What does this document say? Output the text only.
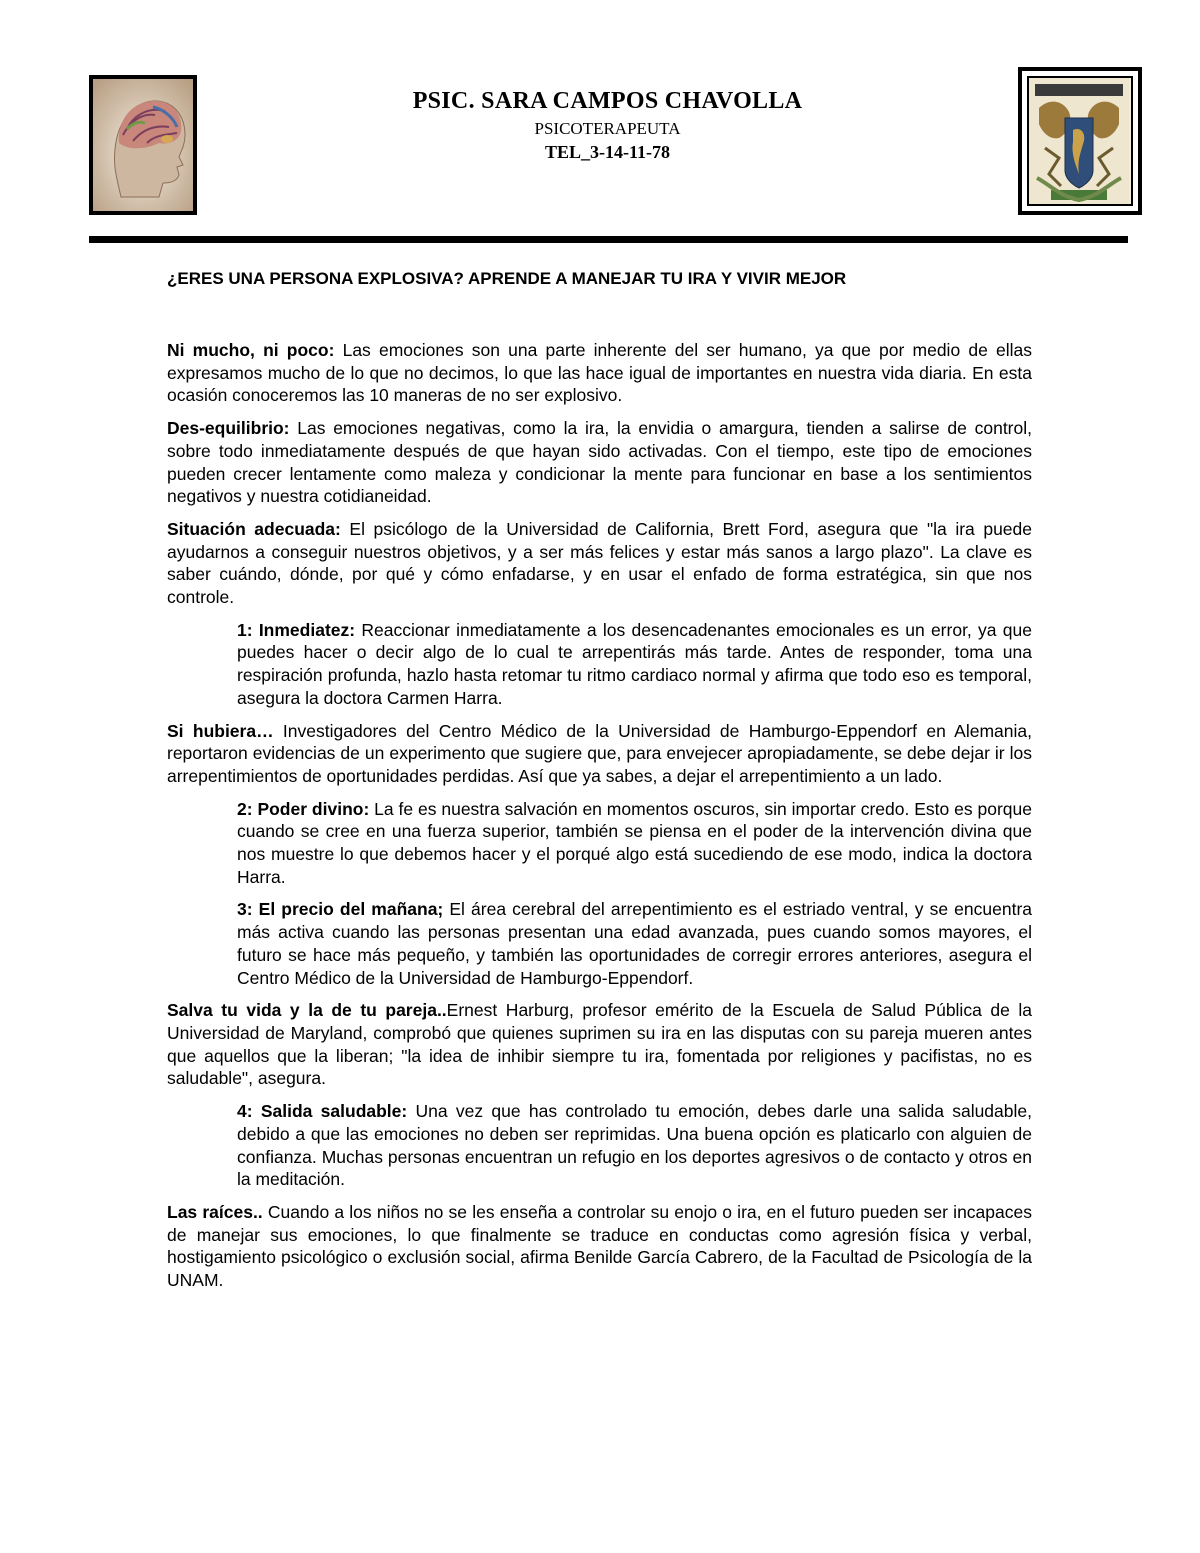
PSIC. SARA CAMPOS CHAVOLLA
PSICOTERAPEUTA
TEL_3-14-11-78
¿ERES UNA PERSONA EXPLOSIVA? APRENDE A MANEJAR TU IRA Y VIVIR MEJOR

Ni mucho, ni poco: Las emociones son una parte inherente del ser humano, ya que por medio de ellas expresamos mucho de lo que no decimos, lo que las hace igual de importantes en nuestra vida diaria. En esta ocasión conoceremos las 10 maneras de no ser explosivo.

Des-equilibrio: Las emociones negativas, como la ira, la envidia o amargura, tienden a salirse de control, sobre todo inmediatamente después de que hayan sido activadas. Con el tiempo, este tipo de emociones pueden crecer lentamente como maleza y condicionar la mente para funcionar en base a los sentimientos negativos y nuestra cotidianeidad.

Situación adecuada: El psicólogo de la Universidad de California, Brett Ford, asegura que "la ira puede ayudarnos a conseguir nuestros objetivos, y a ser más felices y estar más sanos a largo plazo". La clave es saber cuándo, dónde, por qué y cómo enfadarse, y en usar el enfado de forma estratégica, sin que nos controle.

1: Inmediatez: Reaccionar inmediatamente a los desencadenantes emocionales es un error, ya que puedes hacer o decir algo de lo cual te arrepentirás más tarde. Antes de responder, toma una respiración profunda, hazlo hasta retomar tu ritmo cardiaco normal y afirma que todo eso es temporal, asegura la doctora Carmen Harra.

Si hubiera… Investigadores del Centro Médico de la Universidad de Hamburgo-Eppendorf en Alemania, reportaron evidencias de un experimento que sugiere que, para envejecer apropiadamente, se debe dejar ir los arrepentimientos de oportunidades perdidas. Así que ya sabes, a dejar el arrepentimiento a un lado.

2: Poder divino: La fe es nuestra salvación en momentos oscuros, sin importar credo. Esto es porque cuando se cree en una fuerza superior, también se piensa en el poder de la intervención divina que nos muestre lo que debemos hacer y el porqué algo está sucediendo de ese modo, indica la doctora Harra.

3: El precio del mañana; El área cerebral del arrepentimiento es el estriado ventral, y se encuentra más activa cuando las personas presentan una edad avanzada, pues cuando somos mayores, el futuro se hace más pequeño, y también las oportunidades de corregir errores anteriores, asegura el Centro Médico de la Universidad de Hamburgo-Eppendorf.

Salva tu vida y la de tu pareja..Ernest Harburg, profesor emérito de la Escuela de Salud Pública de la Universidad de Maryland, comprobó que quienes suprimen su ira en las disputas con su pareja mueren antes que aquellos que la liberan; "la idea de inhibir siempre tu ira, fomentada por religiones y pacifistas, no es saludable", asegura.

4: Salida saludable: Una vez que has controlado tu emoción, debes darle una salida saludable, debido a que las emociones no deben ser reprimidas. Una buena opción es platicarlo con alguien de confianza. Muchas personas encuentran un refugio en los deportes agresivos o de contacto y otros en la meditación.

Las raíces.. Cuando a los niños no se les enseña a controlar su enojo o ira, en el futuro pueden ser incapaces de manejar sus emociones, lo que finalmente se traduce en conductas como agresión física y verbal, hostigamiento psicológico o exclusión social, afirma Benilde García Cabrero, de la Facultad de Psicología de la UNAM.
